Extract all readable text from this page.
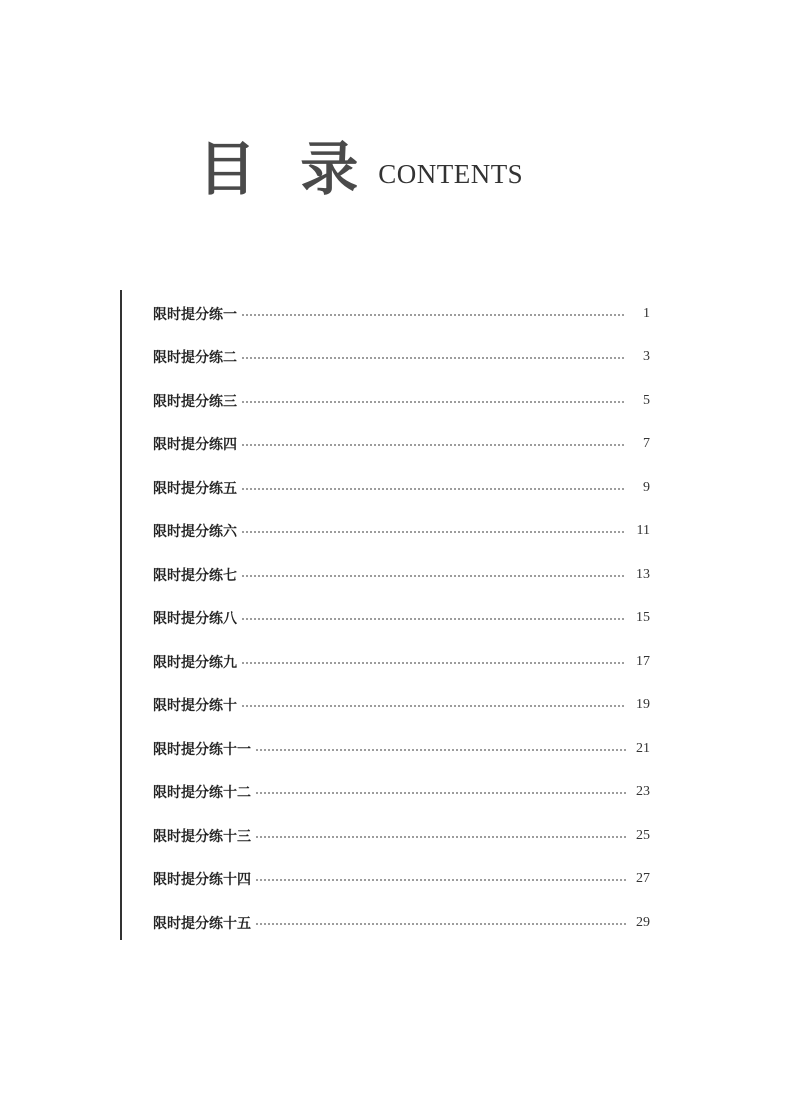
目 录 CONTENTS
限时提分练一	1
限时提分练二	3
限时提分练三	5
限时提分练四	7
限时提分练五	9
限时提分练六	11
限时提分练七	13
限时提分练八	15
限时提分练九	17
限时提分练十	19
限时提分练十一	21
限时提分练十二	23
限时提分练十三	25
限时提分练十四	27
限时提分练十五	29
